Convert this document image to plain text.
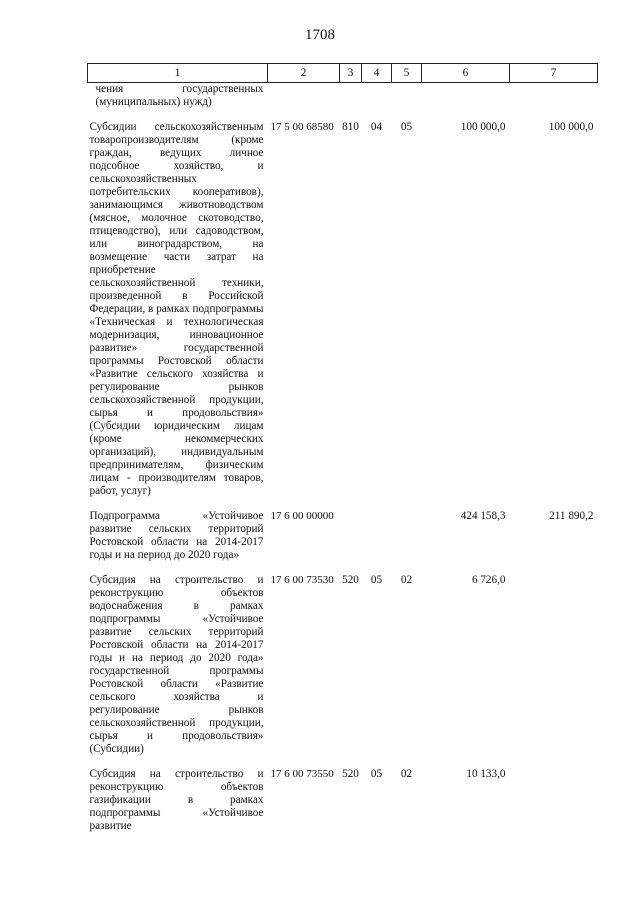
1708
1	2	3	4	5	6	7
чения государственных (муниципальных) нужд)						
Субсидии сельскохозяйственным товаропроизводителям (кроме граждан, ведущих личное подсобное хозяйство, и сельскохозяйственных потребительских кооперативов), занимающимся животноводством (мясное, молочное скотоводство, птицеводство), или садоводством, или виноградарством, на возмещение части затрат на приобретение сельскохозяйственной техники, произведенной в Российской Федерации, в рамках подпрограммы «Техническая и технологическая модернизация, инновационное развитие» государственной программы Ростовской области «Развитие сельского хозяйства и регулирование рынков сельскохозяйственной продукции, сырья и продовольствия» (Субсидии юридическим лицам (кроме некоммерческих организаций), индивидуальным предпринимателям, физическим лицам - производителям товаров, работ, услуг)	17 5 00 68580	810	04	05	100 000,0	100 000,0
Подпрограмма «Устойчивое развитие сельских территорий Ростовской области на 2014-2017 годы и на период до 2020 года»	17 6 00 00000				424 158,3	211 890,2
Субсидия на строительство и реконструкцию объектов водоснабжения в рамках подпрограммы «Устойчивое развитие сельских территорий Ростовской области на 2014-2017 годы и на период до 2020 года» государственной программы Ростовской области «Развитие сельского хозяйства и регулирование рынков сельскохозяйственной продукции, сырья и продовольствия» (Субсидии)	17 6 00 73530	520	05	02	6 726,0	
Субсидия на строительство и реконструкцию объектов газификации в рамках подпрограммы «Устойчивое развитие	17 6 00 73550	520	05	02	10 133,0	
